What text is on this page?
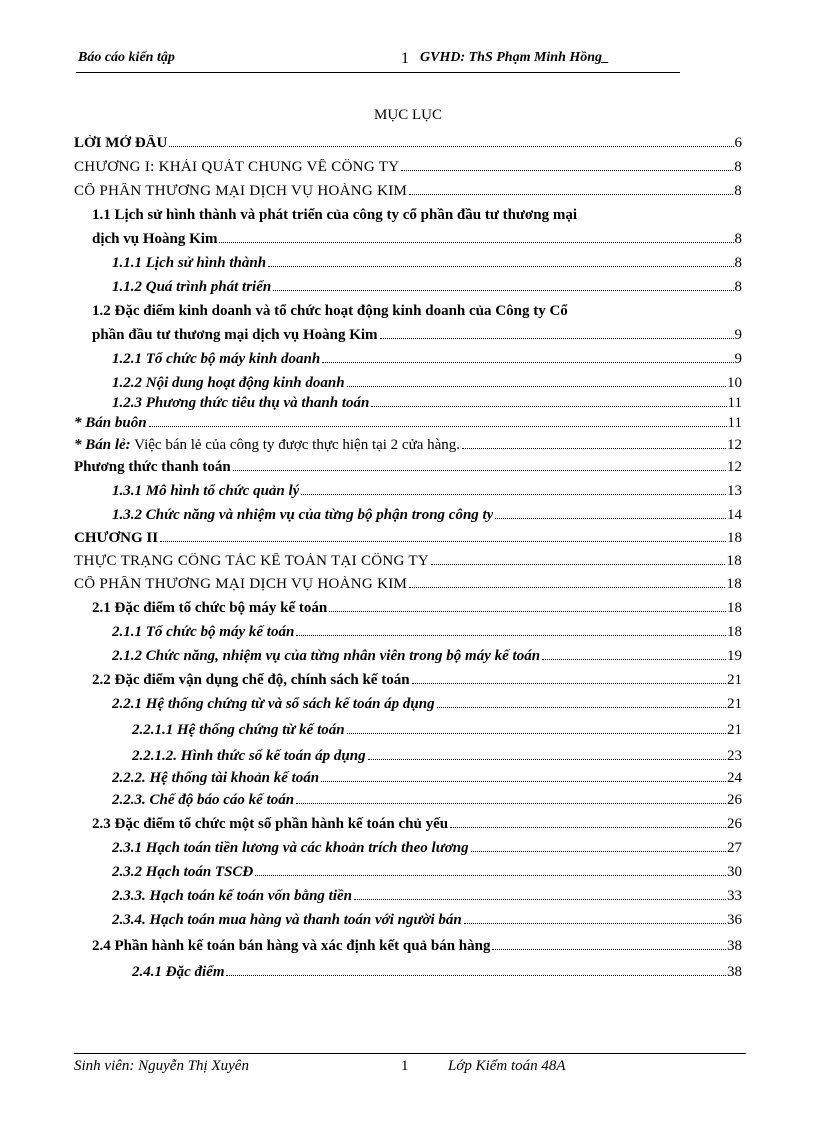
Báo cáo kiến tập	1 GVHD: ThS Phạm Minh Hồng_
MỤC LỤC
LỜI MỞ ĐẦU	6
CHƯƠNG I: KHÁI QUÁT CHUNG VỀ CÔNG TY	8
CỔ PHẦN THƯƠNG MẠI DỊCH VỤ HOÀNG KIM	8
1.1 Lịch sử hình thành và phát triển của công ty cổ phần đầu tư thương mại
dịch vụ Hoàng Kim	8
1.1.1 Lịch sử hình thành	8
1.1.2 Quá trình phát triển	8
1.2 Đặc điểm kinh doanh và tổ chức hoạt động kinh doanh của Công ty Cổ
phần đầu tư thương mại dịch vụ Hoàng Kim	9
1.2.1 Tổ chức bộ máy kinh doanh	9
1.2.2 Nội dung hoạt động kinh doanh	10
1.2.3 Phương thức tiêu thụ và thanh toán	11
* Bán buôn	11
* Bán lẻ: Việc bán lẻ của công ty được thực hiện tại 2 cửa hàng.	12
Phương thức thanh toán	12
1.3.1 Mô hình tổ chức quản lý	13
1.3.2 Chức năng và nhiệm vụ của từng bộ phận trong công ty	14
CHƯƠNG II	18
THỰC TRẠNG CÔNG TÁC KẾ TOÁN TẠI CÔNG TY	18
CỔ PHẦN THƯƠNG MẠI DỊCH VỤ HOÀNG KIM	18
2.1 Đặc điểm tổ chức bộ máy kế toán	18
2.1.1 Tổ chức bộ máy kế toán	18
2.1.2 Chức năng, nhiệm vụ của từng nhân viên trong bộ máy kế toán	19
2.2 Đặc điểm vận dụng chế độ, chính sách kế toán	21
2.2.1 Hệ thống chứng từ và sổ sách kế toán áp dụng	21
2.2.1.1 Hệ thống chứng từ kế toán	21
2.2.1.2. Hình thức sổ kế toán áp dụng	23
2.2.2. Hệ thống tài khoản kế toán	24
2.2.3. Chế độ báo cáo kế toán	26
2.3 Đặc điểm tổ chức một số phần hành kế toán chủ yếu	26
2.3.1 Hạch toán tiền lương và các khoản trích theo lương	27
2.3.2 Hạch toán TSCĐ	30
2.3.3. Hạch toán kế toán vốn bằng tiền	33
2.3.4. Hạch toán mua hàng và thanh toán với người bán	36
2.4 Phần hành kế toán bán hàng và xác định kết quả bán hàng	38
2.4.1 Đặc điểm	38
Sinh viên: Nguyễn Thị Xuyên	1	Lớp Kiểm toán 48A
